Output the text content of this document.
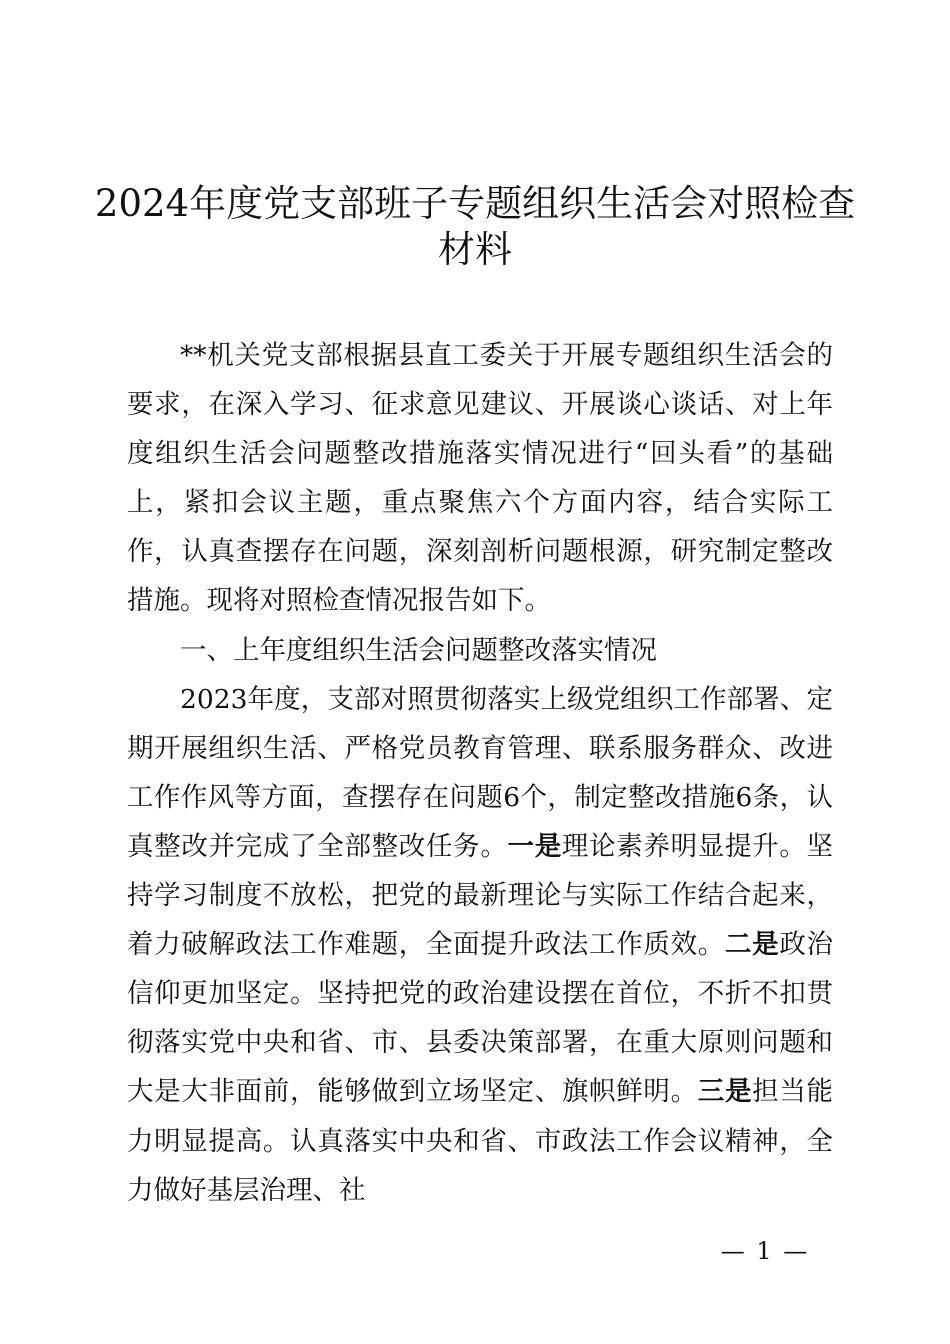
2024年度党支部班子专题组织生活会对照检查材料

**机关党支部根据县直工委关于开展专题组织生活会的要求，在深入学习、征求意见建议、开展谈心谈话、对上年度组织生活会问题整改措施落实情况进行“回头看”的基础上，紧扣会议主题，重点聚焦六个方面内容，结合实际工作，认真查摆存在问题，深刻剖析问题根源，研究制定整改措施。现将对照检查情况报告如下。

一、上年度组织生活会问题整改落实情况

2023年度，支部对照贯彻落实上级党组织工作部署、定期开展组织生活、严格党员教育管理、联系服务群众、改进工作作风等方面，查摆存在问题6个，制定整改措施6条，认真整改并完成了全部整改任务。一是理论素养明显提升。坚持学习制度不放松，把党的最新理论与实际工作结合起来，着力破解政法工作难题，全面提升政法工作质效。二是政治信仰更加坚定。坚持把党的政治建设摆在首位，不折不扣贯彻落实党中央和省、市、县委决策部署，在重大原则问题和大是大非面前，能够做到立场坚定、旗帜鲜明。三是担当能力明显提高。认真落实中央和省、市政法工作会议精神，全力做好基层治理、社

— 1 —
